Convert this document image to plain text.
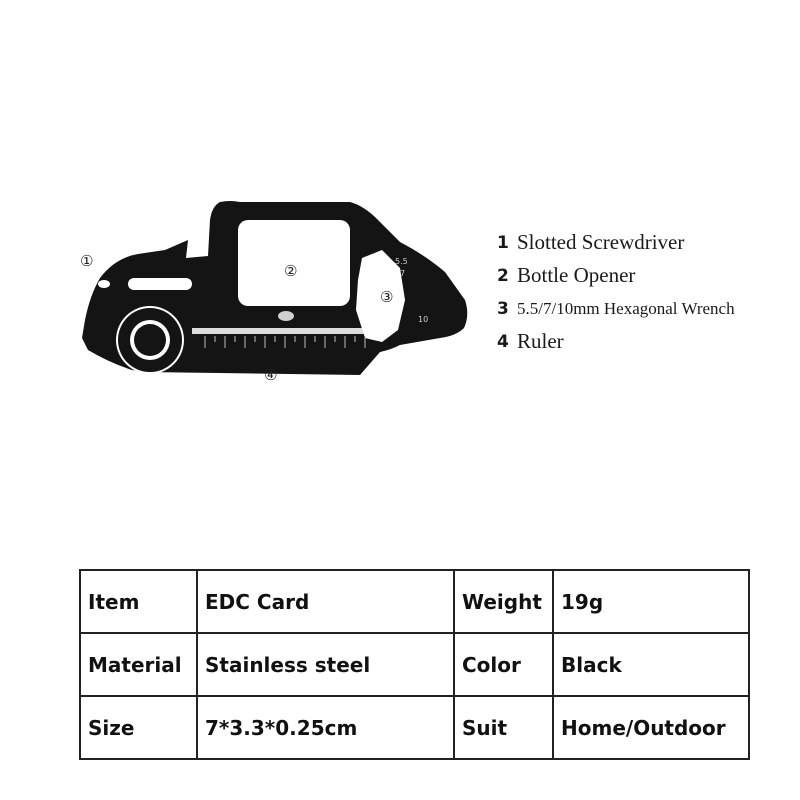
5.5
7
10
①
②
③
④
1 Slotted Screwdriver
2 Bottle Opener
3 5.5/7/10mm Hexagonal Wrench
4 Ruler
Item	EDC Card	Weight	19g
Material	Stainless steel	Color	Black
Size	7*3.3*0.25cm	Suit	Home/Outdoor
